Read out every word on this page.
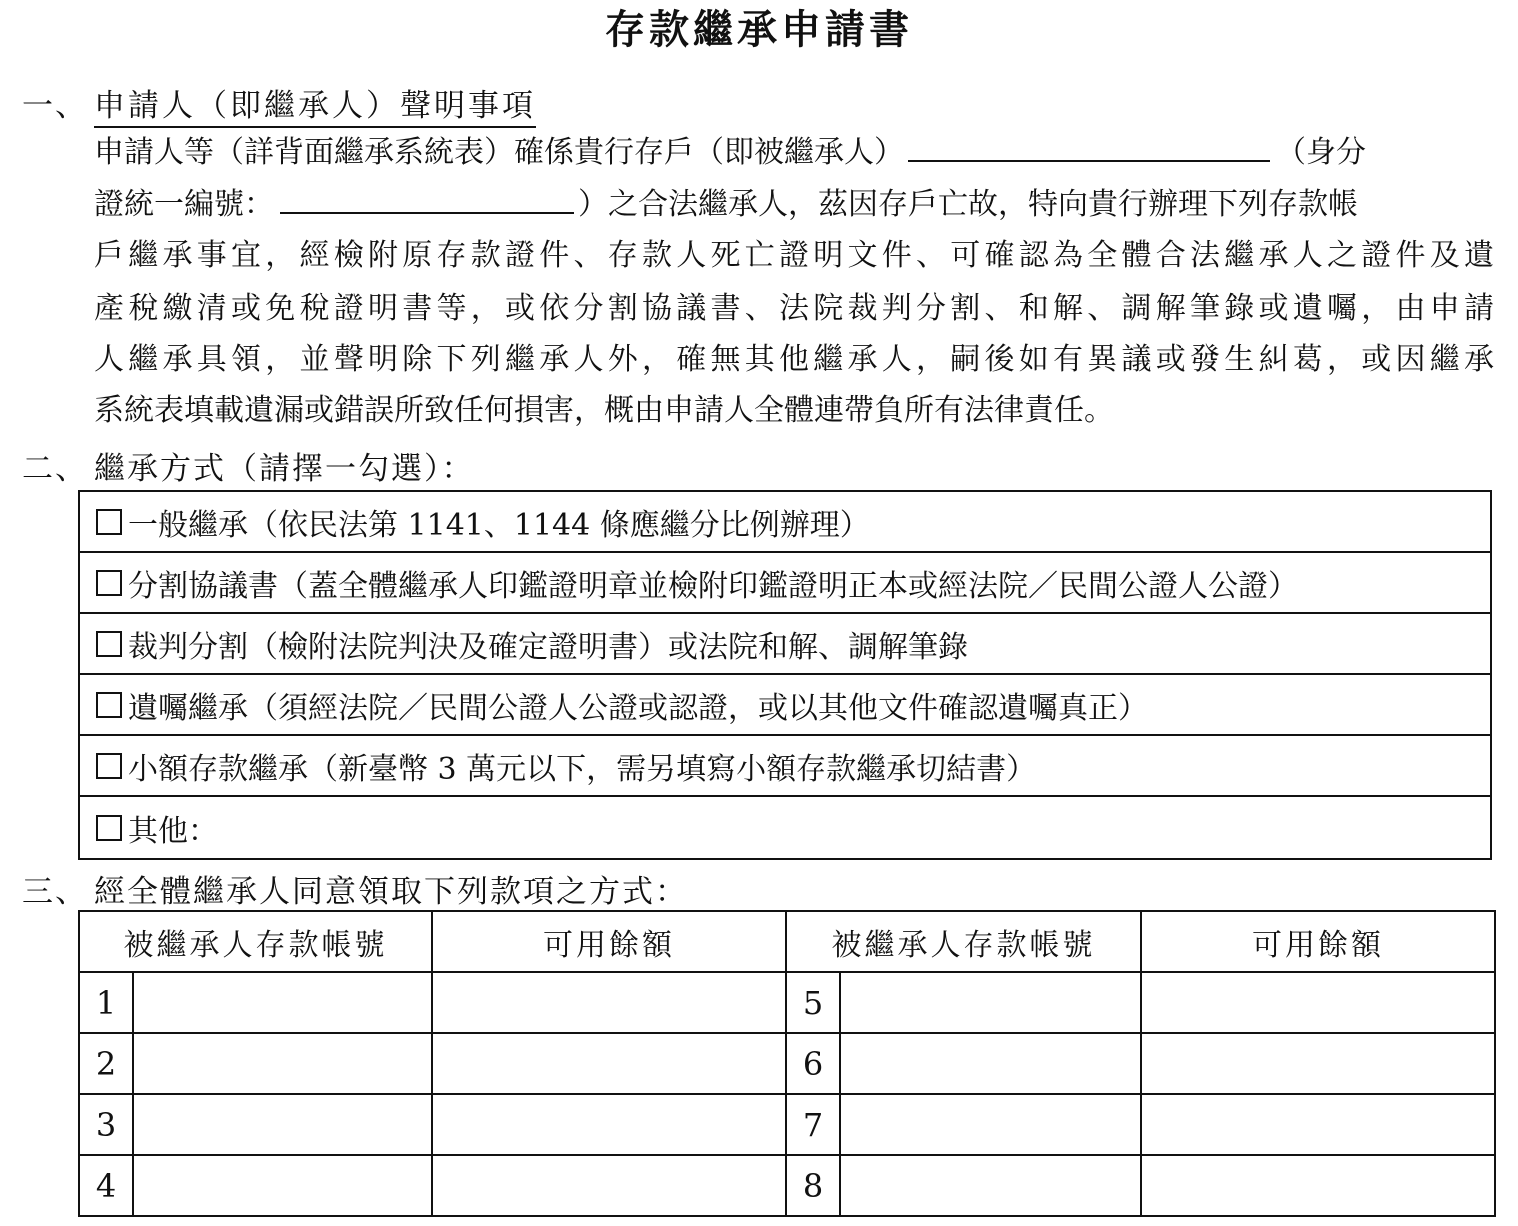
存款繼承申請書
一、 申請人（即繼承人）聲明事項
申請人等（詳背面繼承系統表）確係貴行存戶（即被繼承人）	（身分
證統一編號：	）之合法繼承人，茲因存戶亡故，特向貴行辦理下列存款帳
戶繼承事宜，經檢附原存款證件、存款人死亡證明文件、可確認為全體合法繼承人之證件及遺
產稅繳清或免稅證明書等，或依分割協議書、法院裁判分割、和解、調解筆錄或遺囑，由申請
人繼承具領，並聲明除下列繼承人外，確無其他繼承人，嗣後如有異議或發生糾葛，或因繼承
系統表填載遺漏或錯誤所致任何損害，概由申請人全體連帶負所有法律責任。
二、 繼承方式（請擇一勾選）：
一般繼承（依民法第 1141、1144 條應繼分比例辦理）
分割協議書（蓋全體繼承人印鑑證明章並檢附印鑑證明正本或經法院／民間公證人公證）
裁判分割（檢附法院判決及確定證明書）或法院和解、調解筆錄
遺囑繼承（須經法院／民間公證人公證或認證，或以其他文件確認遺囑真正）
小額存款繼承（新臺幣 3 萬元以下，需另填寫小額存款繼承切結書）
其他：
三、 經全體繼承人同意領取下列款項之方式：
被繼承人存款帳號		可用餘額	被繼承人存款帳號		可用餘額
1			5		
2			6		
3			7		
4			8		
